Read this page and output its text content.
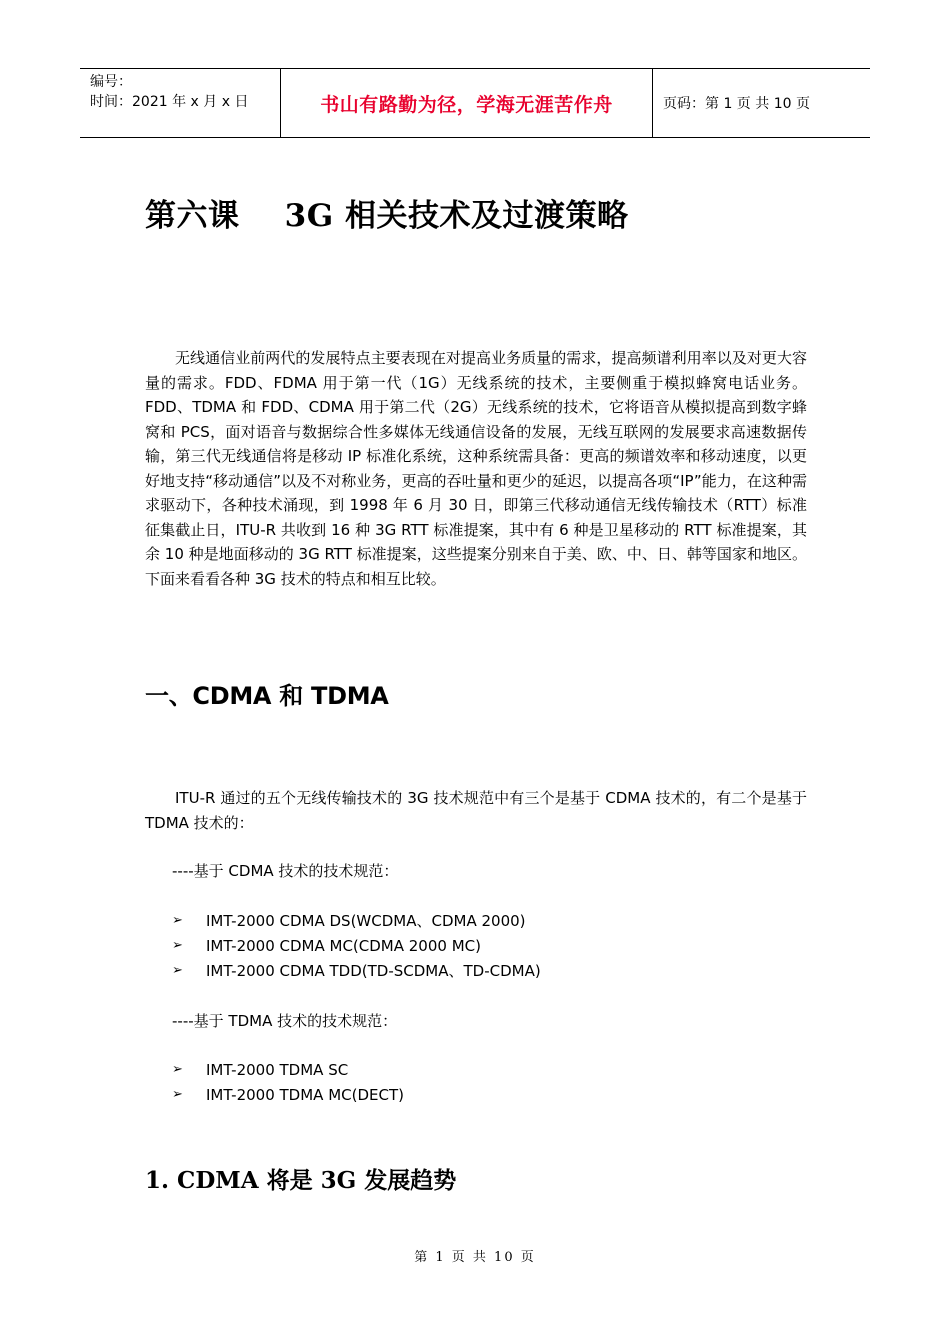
编号：
时间：2021 年 x 月 x 日	书山有路勤为径，学海无涯苦作舟	页码：第 1 页 共 10 页
第六课    3G 相关技术及过渡策略

无线通信业前两代的发展特点主要表现在对提高业务质量的需求，提高频谱利用率以及对更大容量的需求。FDD、FDMA 用于第一代（1G）无线系统的技术，主要侧重于模拟蜂窝电话业务。FDD、TDMA 和 FDD、CDMA 用于第二代（2G）无线系统的技术，它将语音从模拟提高到数字蜂窝和 PCS，面对语音与数据综合性多媒体无线通信设备的发展，无线互联网的发展要求高速数据传输，第三代无线通信将是移动 IP 标准化系统，这种系统需具备：更高的频谱效率和移动速度，以更好地支持“移动通信”以及不对称业务，更高的吞吐量和更少的延迟，以提高各项“IP”能力，在这种需求驱动下，各种技术涌现，到 1998 年 6 月 30 日，即第三代移动通信无线传输技术（RTT）标准征集截止日，ITU-R 共收到 16 种 3G RTT 标准提案，其中有 6 种是卫星移动的 RTT 标准提案，其余 10 种是地面移动的 3G RTT 标准提案，这些提案分别来自于美、欧、中、日、韩等国家和地区。下面来看看各种 3G 技术的特点和相互比较。

一、CDMA 和 TDMA

ITU-R 通过的五个无线传输技术的 3G 技术规范中有三个是基于 CDMA 技术的，有二个是基于 TDMA 技术的：

----基于 CDMA 技术的技术规范：
➢	IMT-2000 CDMA DS(WCDMA、CDMA 2000)
➢	IMT-2000 CDMA MC(CDMA 2000 MC)
➢	IMT-2000 CDMA TDD(TD-SCDMA、TD-CDMA)
----基于 TDMA 技术的技术规范：
➢	IMT-2000 TDMA SC
➢	IMT-2000 TDMA MC(DECT)
1. CDMA 将是 3G 发展趋势
第 1 页 共 10 页
